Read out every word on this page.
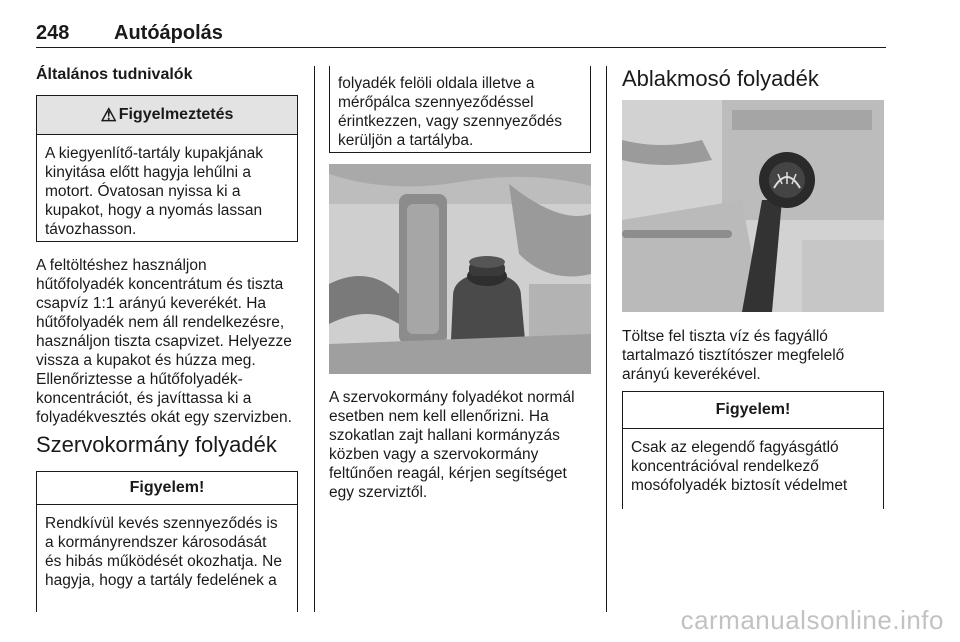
248 Autóápolás
Általános tudnivalók
⚠ Figyelmeztetés

A kiegyenlítő-tartály kupakjának

kinyitása előtt hagyja lehűlni a

motort. Óvatosan nyissa ki a

kupakot, hogy a nyomás lassan

távozhasson.

A feltöltéshez használjon

hűtőfolyadék koncentrátum és tiszta

csapvíz 1:1 arányú keverékét. Ha

hűtőfolyadék nem áll rendelkezésre,

használjon tiszta csapvizet. Helyezze

vissza a kupakot és húzza meg.

Ellenőriztesse a hűtőfolyadék-

koncentrációt, és javíttassa ki a

folyadékvesztés okát egy szervizben.

Szervokormány folyadék
Figyelem!

Rendkívül kevés szennyeződés is

a kormányrendszer károsodását

és hibás működését okozhatja. Ne

hagyja, hogy a tartály fedelének a

folyadék felöli oldala illetve a

mérőpálca szennyeződéssel

érintkezzen, vagy szennyeződés

kerüljön a tartályba.

A szervokormány folyadékot normál

esetben nem kell ellenőrizni. Ha

szokatlan zajt hallani kormányzás

közben vagy a szervokormány

feltűnően reagál, kérjen segítséget

egy szerviztől.

Ablakmosó folyadék

Töltse fel tiszta víz és fagyálló

tartalmazó tisztítószer megfelelő

arányú keverékével.

Figyelem!

Csak az elegendő fagyásgátló

koncentrációval rendelkező

mosófolyadék biztosít védelmet

carmanualsonline.info
